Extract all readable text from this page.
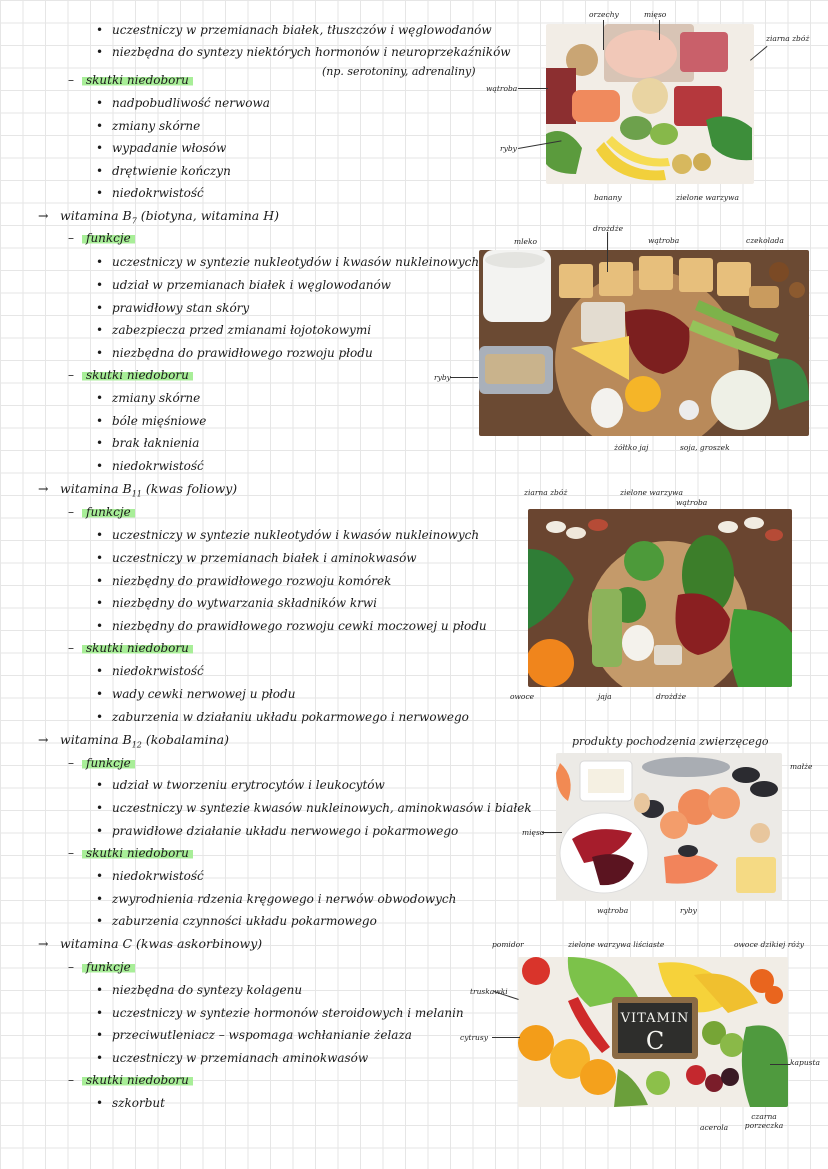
• uczestniczy w przemianach białek, tłuszczów i węglowodanów
• niezbędna do syntezy niektórych hormonów i neuroprzekaźników
(np. serotoniny, adrenaliny)
– skutki niedoboru
• nadpobudliwość nerwowa
• zmiany skórne
• wypadanie włosów
• drętwienie kończyn
• niedokrwistość
→ witamina $B_7$ (biotyna, witamina H)
– funkcje
• uczestniczy w syntezie nukleotydów i kwasów nukleinowych
• udział w przemianach białek i węglowodanów
• prawidłowy stan skóry
• zabezpiecza przed zmianami łojotokowymi
• niezbędna do prawidłowego rozwoju płodu
– skutki niedoboru
• zmiany skórne
• bóle mięśniowe
• brak łaknienia
• niedokrwistość
→ witamina $B_{11}$ (kwas foliowy)
– funkcje
• uczestniczy w syntezie nukleotydów i kwasów nukleinowych
• uczestniczy w przemianach białek i aminokwasów
• niezbędny do prawidłowego rozwoju komórek
• niezbędny do wytwarzania składników krwi
• niezbędny do prawidłowego rozwoju cewki moczowej u płodu
– skutki niedoboru
• niedokrwistość
• wady cewki nerwowej u płodu
• zaburzenia w działaniu układu pokarmowego i nerwowego
→ witamina $B_{12}$ (kobalamina)
– funkcje
• udział w tworzeniu erytrocytów i leukocytów
• uczestniczy w syntezie kwasów nukleinowych, aminokwasów i białek
• prawidłowe działanie układu nerwowego i pokarmowego
– skutki niedoboru
• niedokrwistość
• zwyrodnienia rdzenia kręgowego i nerwów obwodowych
• zaburzenia czynności układu pokarmowego
→ witamina C (kwas askorbinowy)
– funkcje
• niezbędna do syntezy kolagenu
• uczestniczy w syntezie hormonów steroidowych i melanin
• przeciwutleniacz – wspomaga wchłanianie żelaza
• uczestniczy w przemianach aminokwasów
– skutki niedoboru
• szkorbut
orzechy	mięso
ziarna zbóż
wątroba
ryby
banany	zielone warzywa
mleko
drożdże
wątroba	czekolada
ryby
żółtko jaj	soja, groszek
ziarna zbóż	zielone warzywa
wątroba
owoce	jaja	drożdże
produkty pochodzenia zwierzęcego
małże
mięso
wątroba	ryby
VITAMIN
C
pomidor	zielone warzywa liściaste	owoce dzikiej róży
truskawki
cytrusy
kapusta
acerola
czarna porzeczka
